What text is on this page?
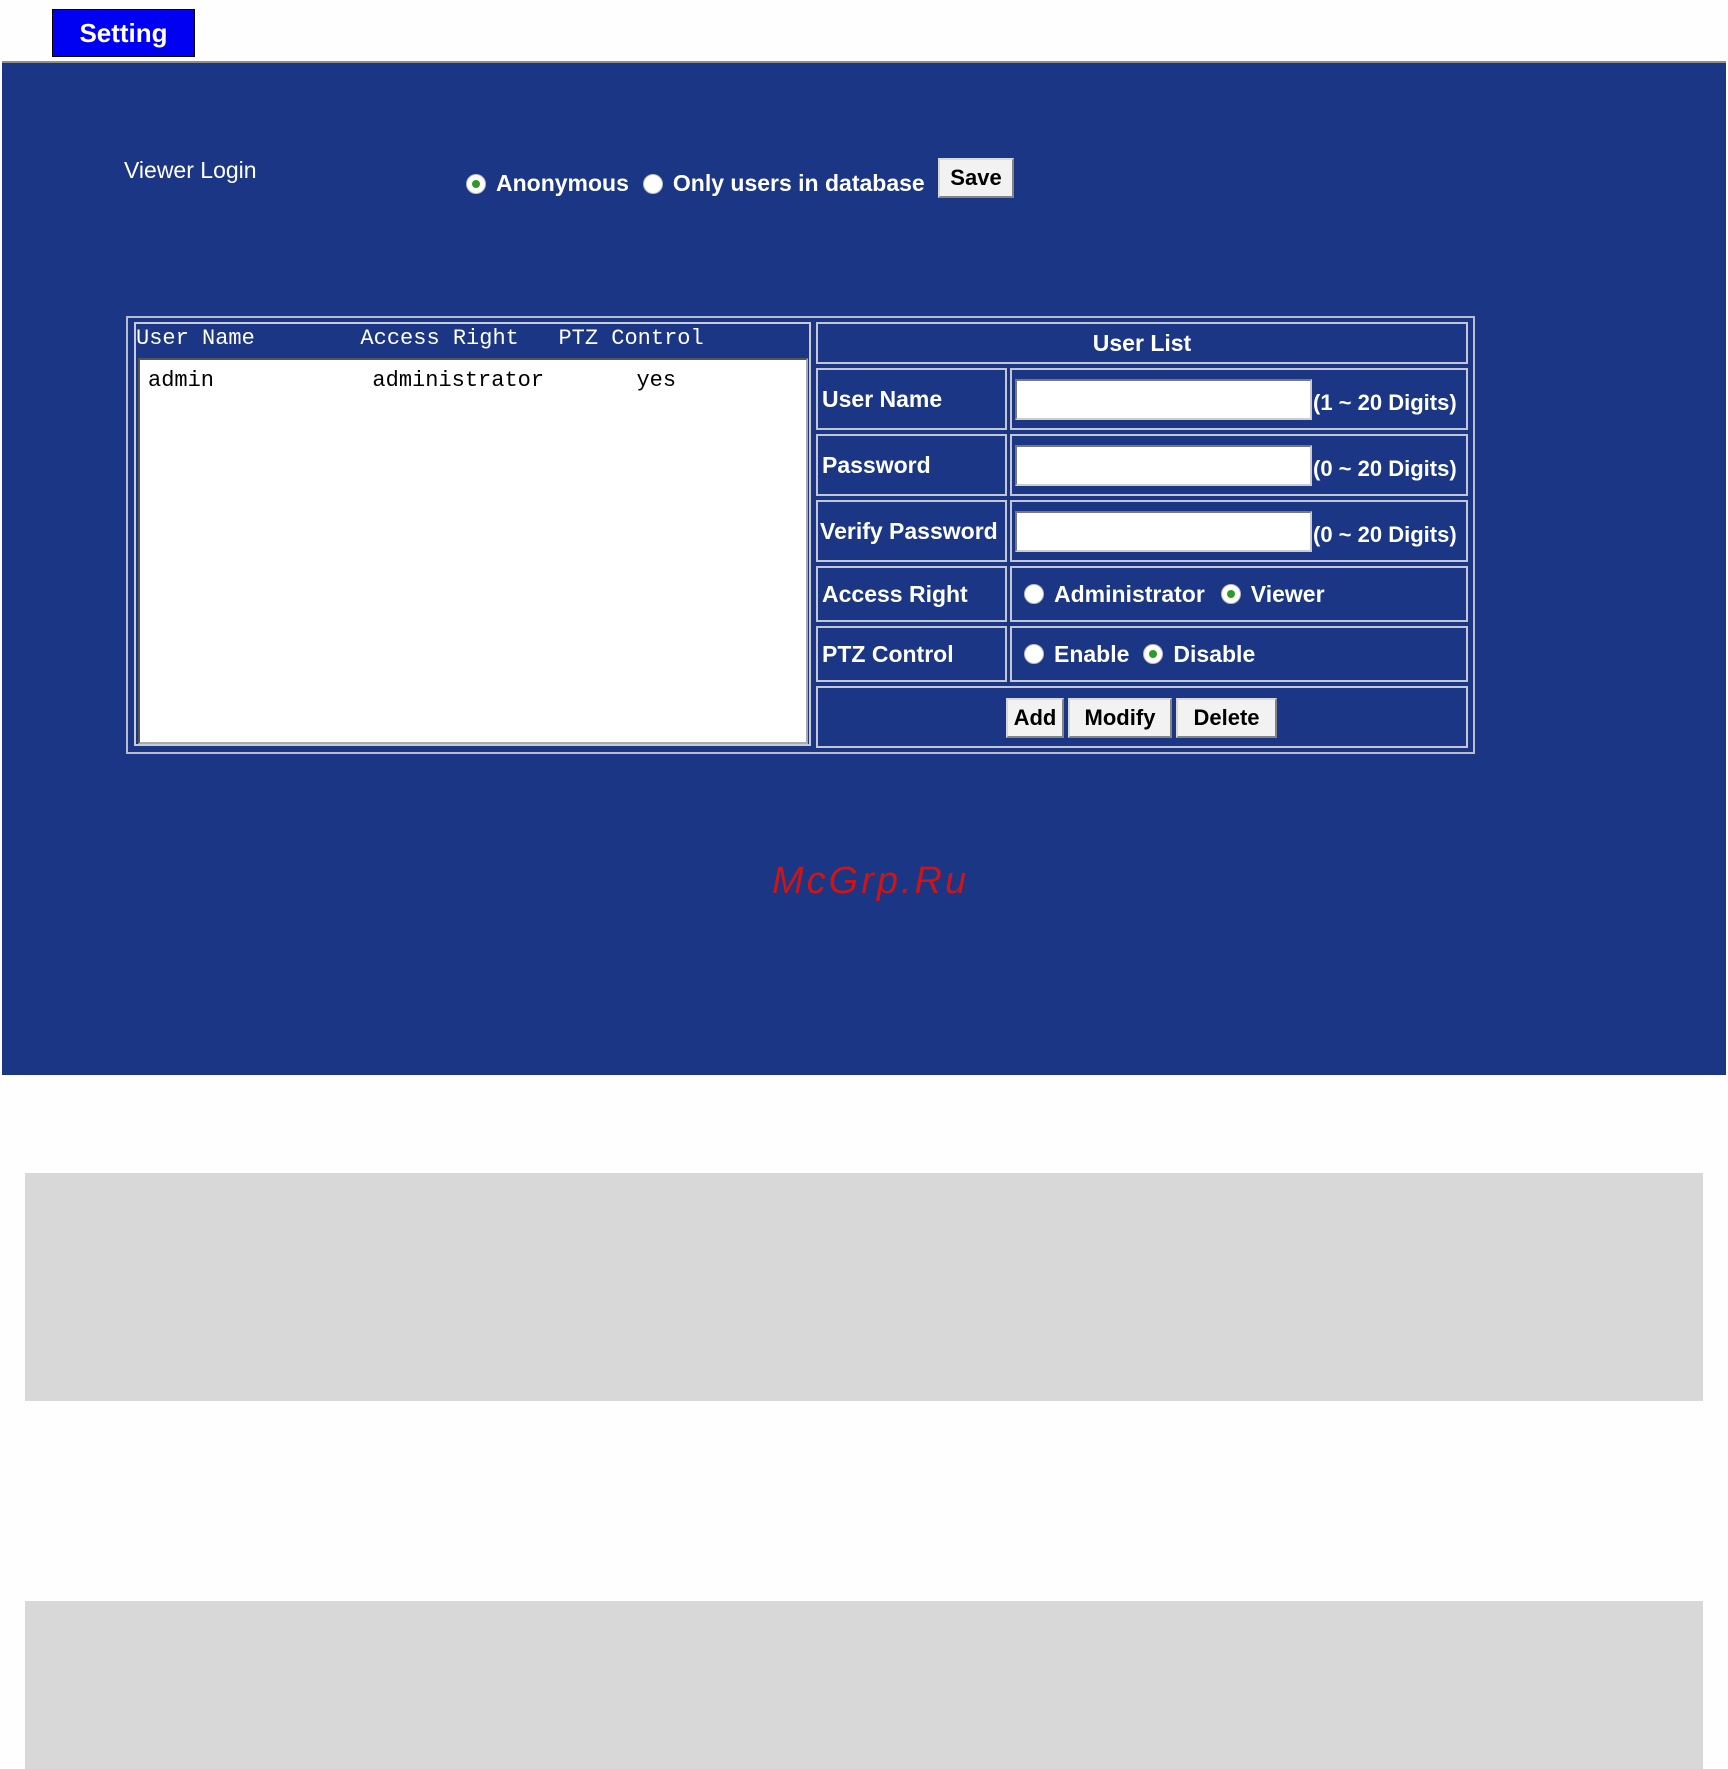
Setting
Viewer Login	Anonymous Only users in database	Save
User Name        Access Right   PTZ Control
admin            administrator       yes
User List
User Name	(1 ~ 20 Digits)
Password	(0 ~ 20 Digits)
Verify Password	(0 ~ 20 Digits)
Access Right	Administrator Viewer
PTZ Control	Enable Disable
Add	Modify	Delete
McGrp.Ru
